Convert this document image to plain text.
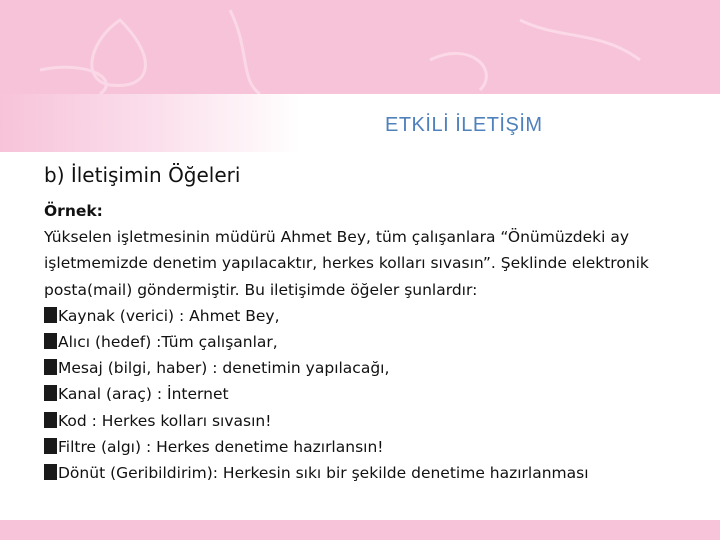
ETKİLİ İLETİŞİM
b) İletişimin Öğeleri

Örnek:

Yükselen işletmesinin müdürü Ahmet Bey, tüm çalışanlara “Önümüzdeki ay

işletmemizde denetim yapılacaktır, herkes kolları sıvasın”. Şeklinde elektronik

posta(mail) göndermiştir. Bu iletişimde öğeler şunlardır:

Kaynak (verici) : Ahmet Bey,

Alıcı (hedef) :Tüm çalışanlar,

Mesaj (bilgi, haber) : denetimin yapılacağı,

Kanal (araç) : İnternet

Kod : Herkes kolları sıvasın!

Filtre (algı) : Herkes denetime hazırlansın!

Dönüt (Geribildirim): Herkesin sıkı bir şekilde denetime hazırlanması
